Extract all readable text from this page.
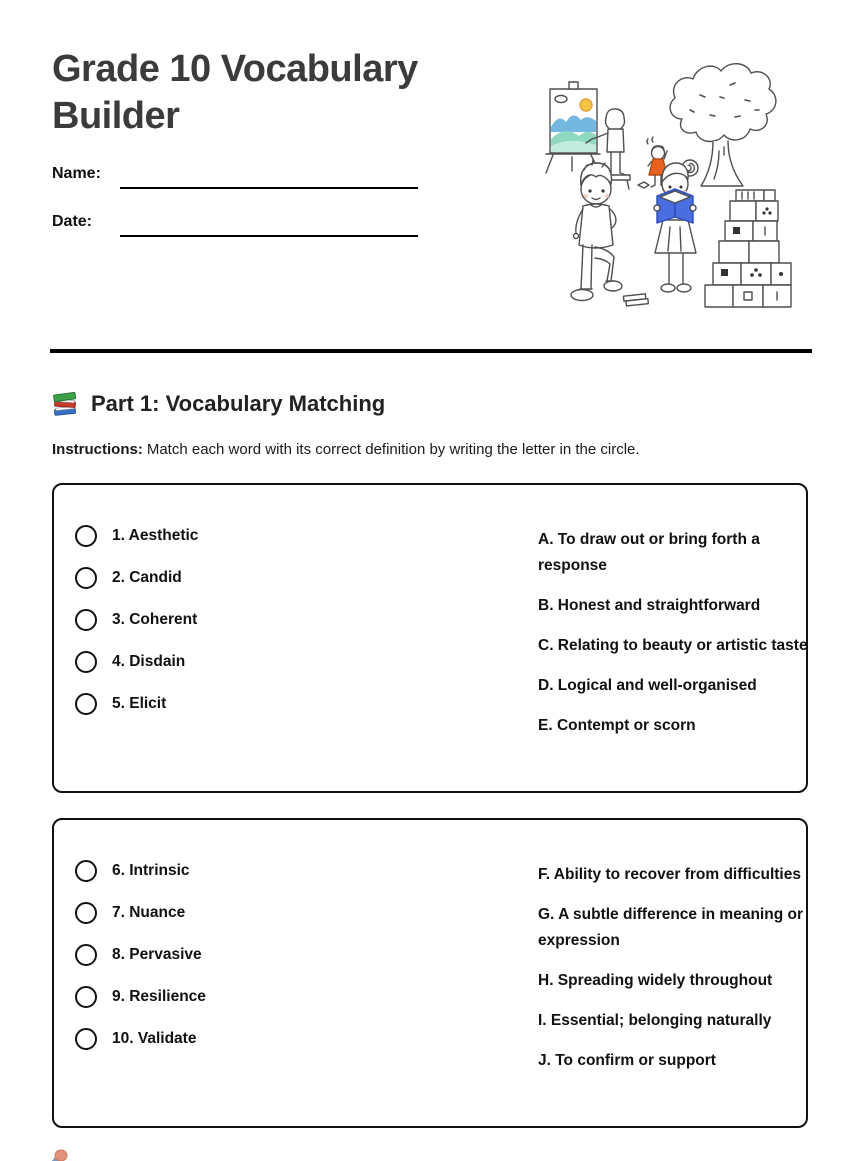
Grade 10 Vocabulary Builder
Name:
Date:
Part 1: Vocabulary Matching

Instructions: Match each word with its correct definition by writing the letter in the circle.

1. Aesthetic
2. Candid
3. Coherent
4. Disdain
5. Elicit

A. To draw out or bring forth a response

B. Honest and straightforward

C. Relating to beauty or artistic taste

D. Logical and well-organised

E. Contempt or scorn

6. Intrinsic
7. Nuance
8. Pervasive
9. Resilience
10. Validate

F. Ability to recover from difficulties

G. A subtle difference in meaning or expression

H. Spreading widely throughout

I. Essential; belonging naturally

J. To confirm or support
